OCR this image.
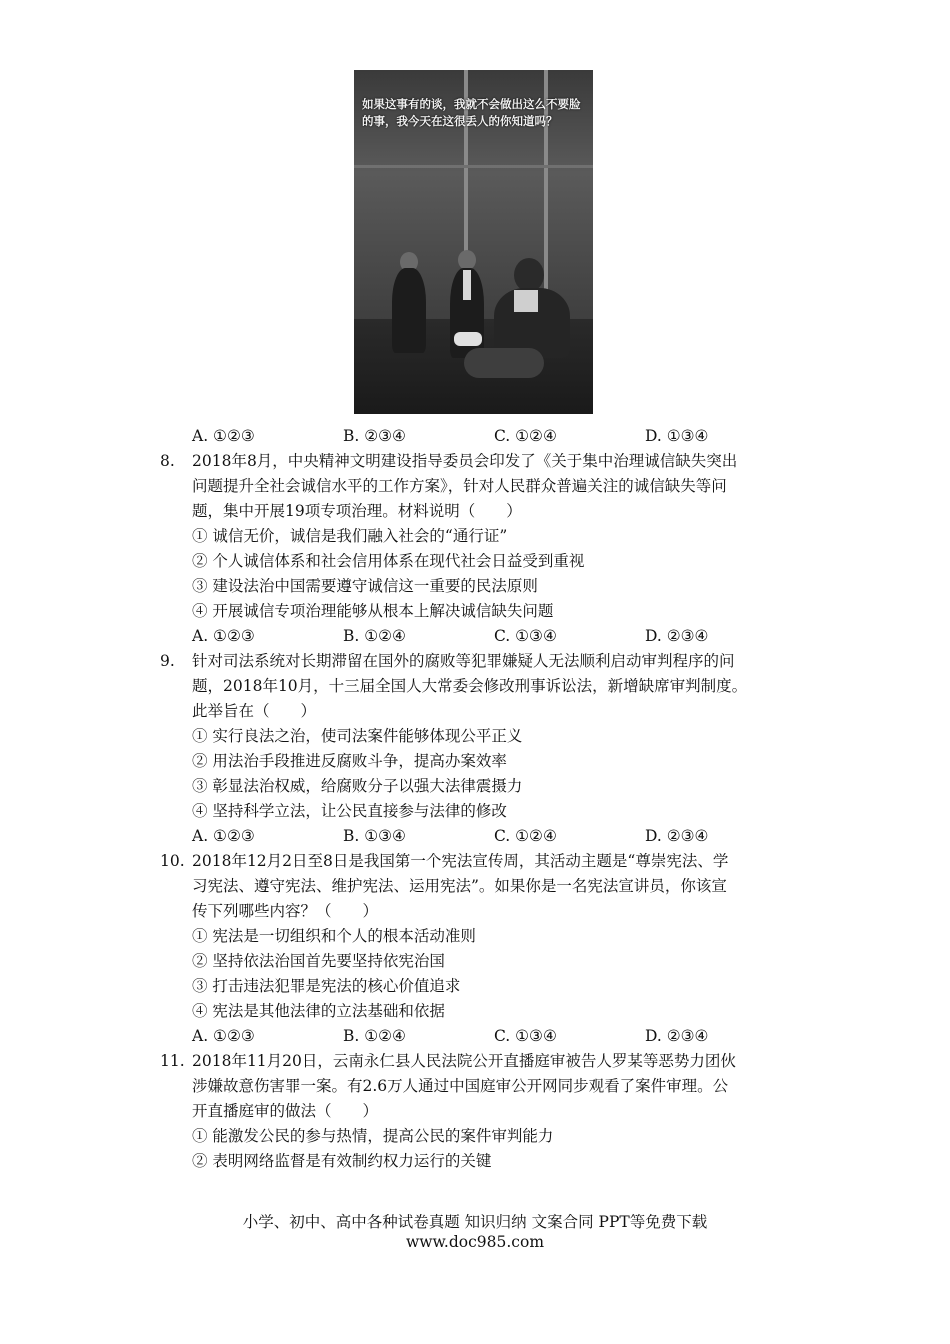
如果这事有的谈，我就不会做出这么不要脸的事，我今天在这很丢人的你知道吗？
A. ①②③	B. ②③④	C. ①②④	D. ①③④
8. 2018年8月，中央精神文明建设指导委员会印发了《关于集中治理诚信缺失突出
问题提升全社会诚信水平的工作方案》，针对人民群众普遍关注的诚信缺失等问
题，集中开展19项专项治理。材料说明（　　）
① 诚信无价，诚信是我们融入社会的“通行证”
② 个人诚信体系和社会信用体系在现代社会日益受到重视
③ 建设法治中国需要遵守诚信这一重要的民法原则
④ 开展诚信专项治理能够从根本上解决诚信缺失问题
A. ①②③	B. ①②④	C. ①③④	D. ②③④
9. 针对司法系统对长期滞留在国外的腐败等犯罪嫌疑人无法顺利启动审判程序的问
题，2018年10月，十三届全国人大常委会修改刑事诉讼法，新增缺席审判制度。
此举旨在（　　）
① 实行良法之治，使司法案件能够体现公平正义
② 用法治手段推进反腐败斗争，提高办案效率
③ 彰显法治权威，给腐败分子以强大法律震摄力
④ 坚持科学立法，让公民直接参与法律的修改
A. ①②③	B. ①③④	C. ①②④	D. ②③④
10. 2018年12月2日至8日是我国第一个宪法宣传周，其活动主题是“尊崇宪法、学
习宪法、遵守宪法、维护宪法、运用宪法”。如果你是一名宪法宣讲员，你该宣
传下列哪些内容？（　　）
① 宪法是一切组织和个人的根本活动准则
② 坚持依法治国首先要坚持依宪治国
③ 打击违法犯罪是宪法的核心价值追求
④ 宪法是其他法律的立法基础和依据
A. ①②③	B. ①②④	C. ①③④	D. ②③④
11. 2018年11月20日，云南永仁县人民法院公开直播庭审被告人罗某等恶势力团伙
涉嫌故意伤害罪一案。有2.6万人通过中国庭审公开网同步观看了案件审理。公
开直播庭审的做法（　　）
① 能激发公民的参与热情，提高公民的案件审判能力
② 表明网络监督是有效制约权力运行的关键
小学、初中、高中各种试卷真题 知识归纳 文案合同 PPT等免费下载
www.doc985.com
